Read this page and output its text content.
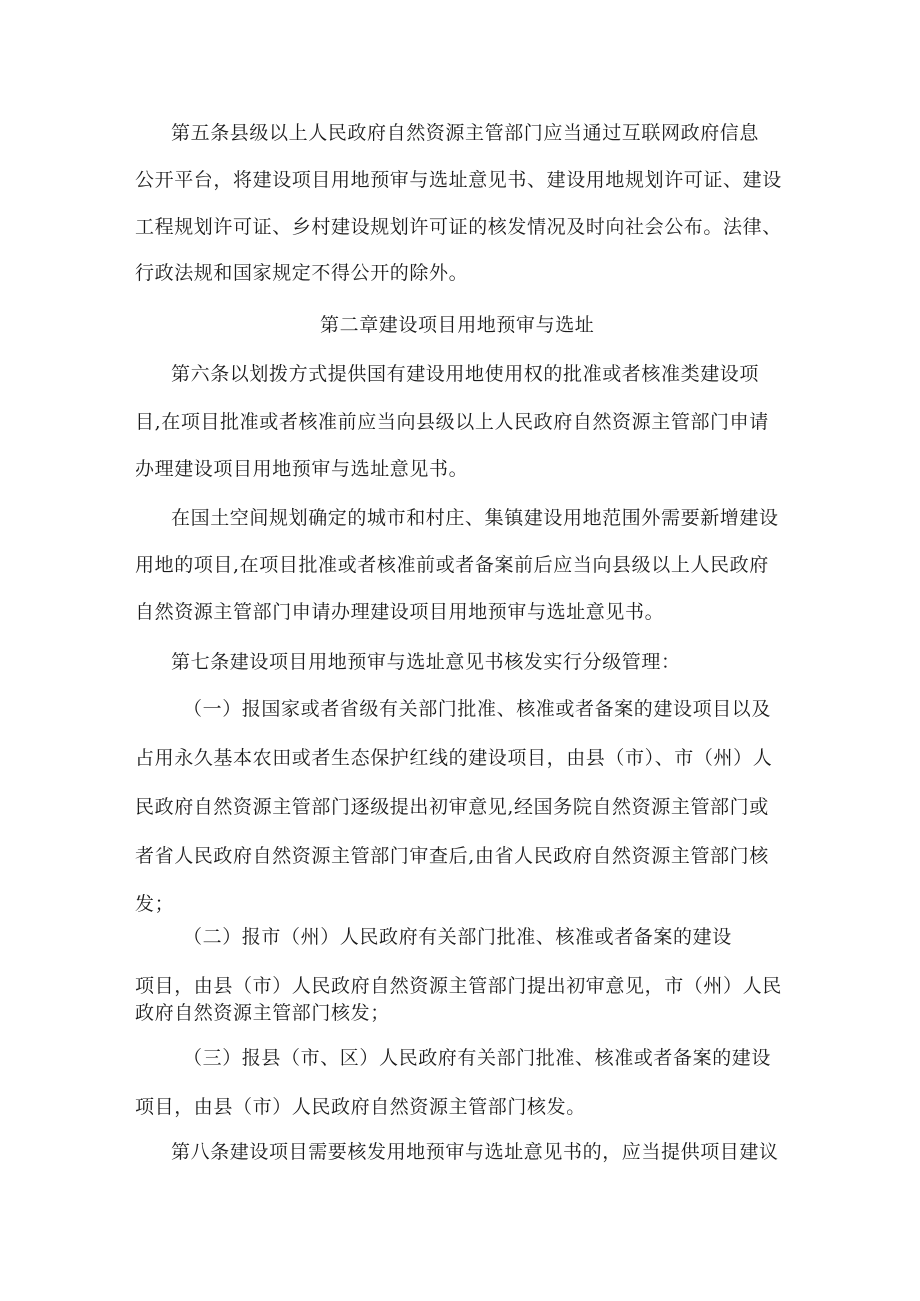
第五条县级以上人民政府自然资源主管部门应当通过互联网政府信息
公开平台，将建设项目用地预审与选址意见书、建设用地规划许可证、建设
工程规划许可证、乡村建设规划许可证的核发情况及时向社会公布。法律、
行政法规和国家规定不得公开的除外。
第二章建设项目用地预审与选址
第六条以划拨方式提供国有建设用地使用权的批准或者核准类建设项
目,在项目批准或者核准前应当向县级以上人民政府自然资源主管部门申请
办理建设项目用地预审与选址意见书。
在国土空间规划确定的城市和村庄、集镇建设用地范围外需要新增建设
用地的项目,在项目批准或者核准前或者备案前后应当向县级以上人民政府
自然资源主管部门申请办理建设项目用地预审与选址意见书。
第七条建设项目用地预审与选址意见书核发实行分级管理：
（一）报国家或者省级有关部门批准、核准或者备案的建设项目以及
占用永久基本农田或者生态保护红线的建设项目，由县（市）、市（州）人
民政府自然资源主管部门逐级提出初审意见,经国务院自然资源主管部门或
者省人民政府自然资源主管部门审查后,由省人民政府自然资源主管部门核
发；
（二）报市（州）人民政府有关部门批准、核准或者备案的建设
项目，由县（市）人民政府自然资源主管部门提出初审意见，市（州）人民
政府自然资源主管部门核发；
（三）报县（市、区）人民政府有关部门批准、核准或者备案的建设
项目，由县（市）人民政府自然资源主管部门核发。
第八条建设项目需要核发用地预审与选址意见书的，应当提供项目建议
